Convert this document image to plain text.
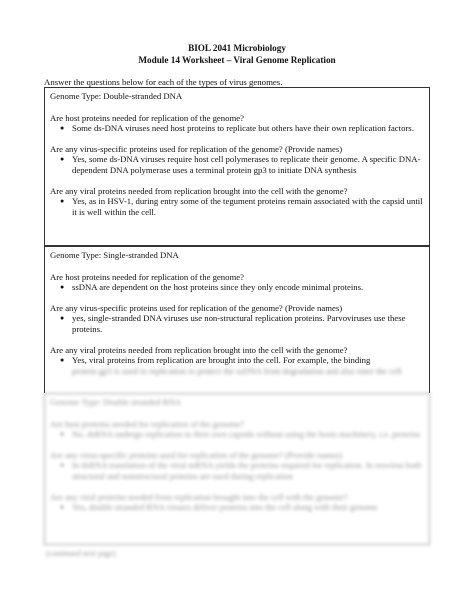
BIOL 2041 Microbiology
Module 14 Worksheet – Viral Genome Replication
Answer the questions below for each of the types of virus genomes.
Genome Type: Double-stranded DNA
Are host proteins needed for replication of the genome?
● Some ds-DNA viruses need host proteins to replicate but others have their own replication factors.
Are any virus-specific proteins used for replication of the genome? (Provide names)
● Yes, some ds-DNA viruses require host cell polymerases to replicate their genome. A specific DNA-dependent DNA polymerase uses a terminal protein gp3 to initiate DNA synthesis
Are any viral proteins needed from replication brought into the cell with the genome?
● Yes, as in HSV-1, during entry some of the tegument proteins remain associated with the capsid until it is well within the cell.
Genome Type: Single-stranded DNA
Are host proteins needed for replication of the genome?
● ssDNA are dependent on the host proteins since they only encode minimal proteins.
Are any virus-specific proteins used for replication of the genome? (Provide names)
● yes, single-stranded DNA viruses use non-structural replication proteins. Parvoviruses use these proteins.
Are any viral proteins needed from replication brought into the cell with the genome?
● Yes, viral proteins from replication are brought into the cell. For example, the binding
protein gp5 is used in replication to protect the ssDNA from degradation and also enter the cell
Genome Type: Double stranded RNA
Are host proteins needed for replication of the genome?
● No, dsRNA undergo replication in their own capsids without using the hosts machinery, i.e. proteins
Are any virus-specific proteins used for replication of the genome? (Provide names)
● In dsRNA translation of the viral mRNA yields the proteins required for replication. In reovirus both structural and nonstructural proteins are used during replication
Are any viral proteins needed from replication brought into the cell with the genome?
● Yes, double stranded RNA viruses deliver proteins into the cell along with their genome
(continued next page)
